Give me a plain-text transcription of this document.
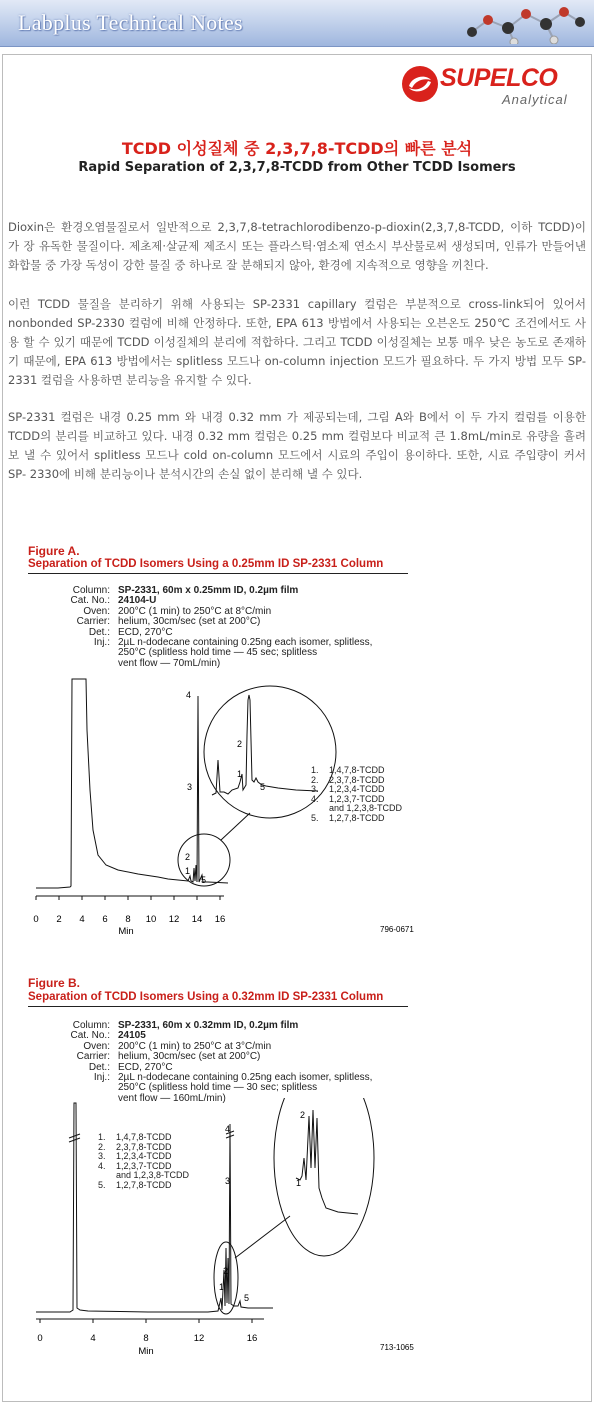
Labplus Technical Notes
SUPELCO
Analytical
TCDD 이성질체 중 2,3,7,8-TCDD의 빠른 분석
Rapid Separation of 2,3,7,8-TCDD from Other TCDD Isomers

Dioxin은 환경오염물질로서 일반적으로 2,3,7,8-tetrachlorodibenzo-p-dioxin(2,3,7,8-TCDD, 이하 TCDD)이 가 장 유독한 물질이다. 제초제·살균제 제조시 또는 플라스틱·염소제 연소시 부산물로써 생성되며, 인류가 만들어낸 화합물 중 가장 독성이 강한 물질 중 하나로 잘 분해되지 않아, 환경에 지속적으로 영향을 끼친다.

이런 TCDD 물질을 분리하기 위해 사용되는 SP-2331 capillary 컬럼은 부분적으로 cross-link되어 있어서 nonbonded SP-2330 컬럼에 비해 안정하다. 또한, EPA 613 방법에서 사용되는 오븐온도 250℃ 조건에서도 사용 할 수 있기 때문에 TCDD 이성질체의 분리에 적합하다. 그리고 TCDD 이성질체는 보통 매우 낮은 농도로 존재하기 때문에, EPA 613 방법에서는 splitless 모드나 on-column injection 모드가 필요하다. 두 가지 방법 모두 SP- 2331 컬럼을 사용하면 분리능을 유지할 수 있다.

SP-2331 컬럼은 내경 0.25 mm 와 내경 0.32 mm 가 제공되는데, 그림 A와 B에서 이 두 가지 컬럼를 이용한 TCDD의 분리를 비교하고 있다. 내경 0.32 mm 컬럼은 0.25 mm 컬럼보다 비교적 큰 1.8mL/min로 유량을 흘려보 낼 수 있어서 splitless 모드나 cold on-column 모드에서 시료의 주입이 용이하다. 또한, 시료 주입량이 커서 SP- 2330에 비해 분리능이나 분석시간의 손실 없이 분리해 낼 수 있다.

Figure A.
Separation of TCDD Isomers Using a 0.25mm ID SP-2331 Column
Column: SP-2331, 60m x 0.25mm ID, 0.2µm film
Cat. No.: 24104-U
Oven: 200°C (1 min) to 250°C at 8°C/min
Carrier: helium, 30cm/sec (set at 200°C)
Det.: ECD, 270°C
Inj.: 2µL n-dodecane containing 0.25ng each isomer, splitless,
250°C (splitless hold time — 45 sec; splitless
vent flow — 70mL/min)
0 2 4 6 8 10 12 14 16
Min
4
3
2
1
5
2
1
5
796-0671
1.	1,4,7,8-TCDD
2.	2,3,7,8-TCDD
3.	1,2,3,4-TCDD
4.	1,2,3,7-TCDD
and 1,2,3,8-TCDD
5.	1,2,7,8-TCDD
Figure B.
Separation of TCDD Isomers Using a 0.32mm ID SP-2331 Column
Column: SP-2331, 60m x 0.32mm ID, 0.2µm film
Cat. No.: 24105
Oven: 200°C (1 min) to 250°C at 3°C/min
Carrier: helium, 30cm/sec (set at 200°C)
Det.: ECD, 270°C
Inj.: 2µL n-dodecane containing 0.25ng each isomer, splitless,
250°C (splitless hold time — 30 sec; splitless
vent flow — 160mL/min)
1.	1,4,7,8-TCDD
2.	2,3,7,8-TCDD
3.	1,2,3,4-TCDD
4.	1,2,3,7-TCDD
and 1,2,3,8-TCDD
5.	1,2,7,8-TCDD
0	4	8	12	16
Min
4
3
2
1
5
2
1
713-1065
